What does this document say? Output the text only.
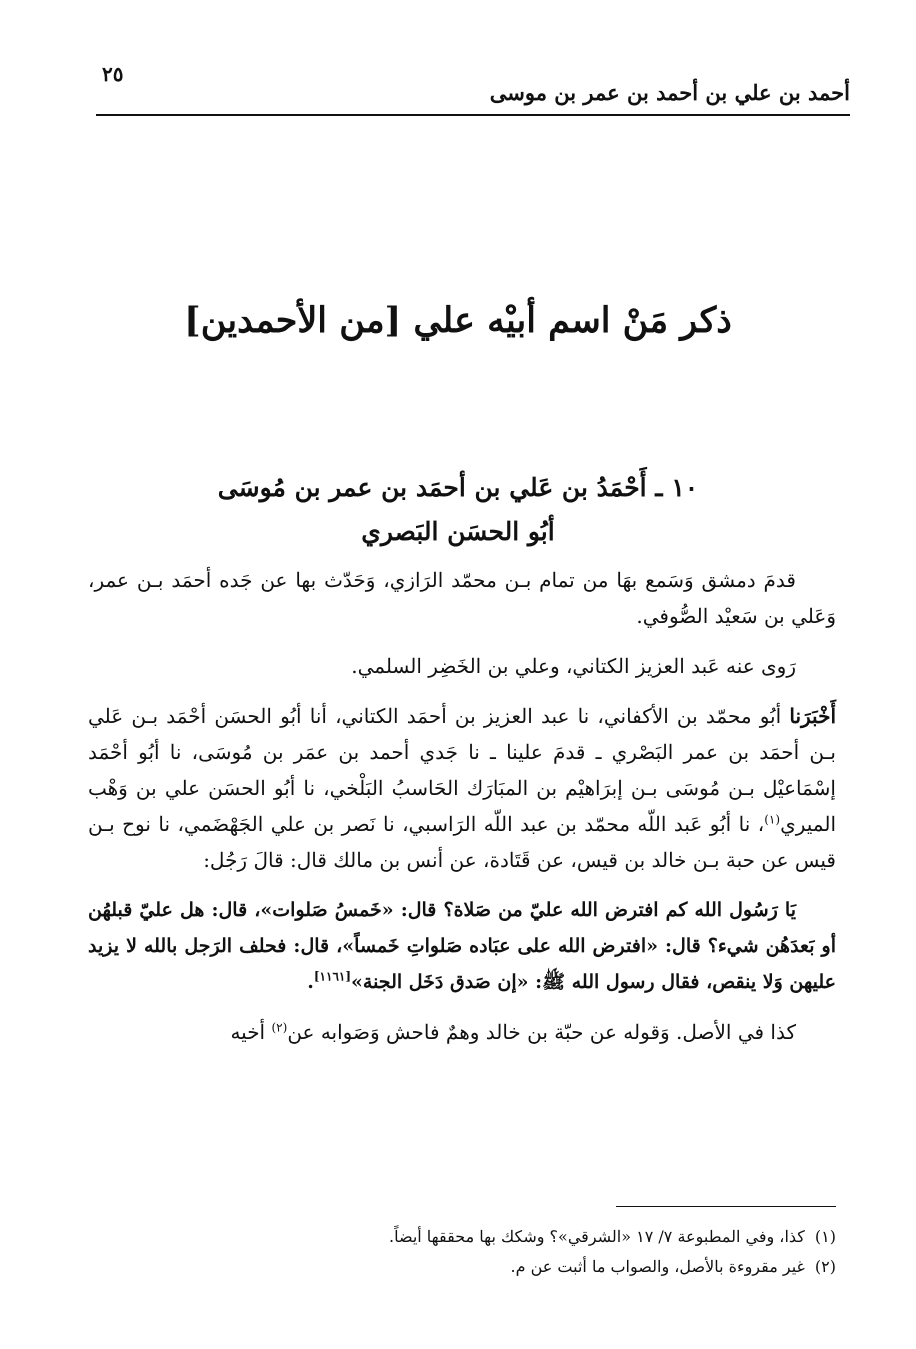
أحمد بن علي بن أحمد بن عمر بن موسى
٢٥
ذكر مَنْ اسم أبيْه علي [من الأحمدين]
١٠ ـ أَحْمَدُ بن عَلي بن أحمَد بن عمر بن مُوسَى
أبُو الحسَن البَصري

قدمَ دمشق وَسَمع بهَا من تمام بـن محمّد الرَازي، وَحَدّث بها عن جَده أحمَد بـن عمر، وَعَلي بن سَعيْد الصُّوفي.

رَوى عنه عَبد العزيز الكتاني، وعلي بن الخَضِر السلمي.

أَخْبَرَنا أبُو محمّد بن الأكفاني، نا عبد العزيز بن أحمَد الكتاني، أنا أبُو الحسَن أحْمَد بـن عَلي بـن أحمَد بن عمر البَصْري ـ قدمَ علينا ـ نا جَدي أحمد بن عمَر بن مُوسَى، نا أبُو أحْمَد إسْمَاعيْل بـن مُوسَى بـن إبرَاهيْم بن المبَارَك الحَاسبُ البَلْخي، نا أبُو الحسَن علي بن وَهْب الميري$^{(١)}$، نا أبُو عَبد اللّه محمّد بن عبد اللّه الرَاسبي، نا نَصر بن علي الجَهْضَمي، نا نوح بـن قيس عن حبة بـن خالد بن قيس، عن قَتَادة، عن أنس بن مالك قال: قالَ رَجُل:

يَا رَسُول الله كم افترض الله عليّ من صَلاة؟ قال: «خَمسُ صَلوات»، قال: هل عليّ قبلهُن أو بَعدَهُن شيء؟ قال: «افترض الله على عبَاده صَلواتِ خَمساً»، قال: فحلف الرَجل بالله لا يزيد عليهن وَلا ينقص، فقال رسول الله ﷺ: «إن صَدق دَخَل الجنة»[١١٦١].

كذا في الأصل. وَقوله عن حبّة بن خالد وهمٌ فاحش وَصَوابه عن$^{(٢)}$ أخيه

(١)كذا، وفي المطبوعة ٧/ ١٧ «الشرقي»؟ وشكك بها محققها أيضاً.
(٢)غير مقروءة بالأصل، والصواب ما أثبت عن م.
